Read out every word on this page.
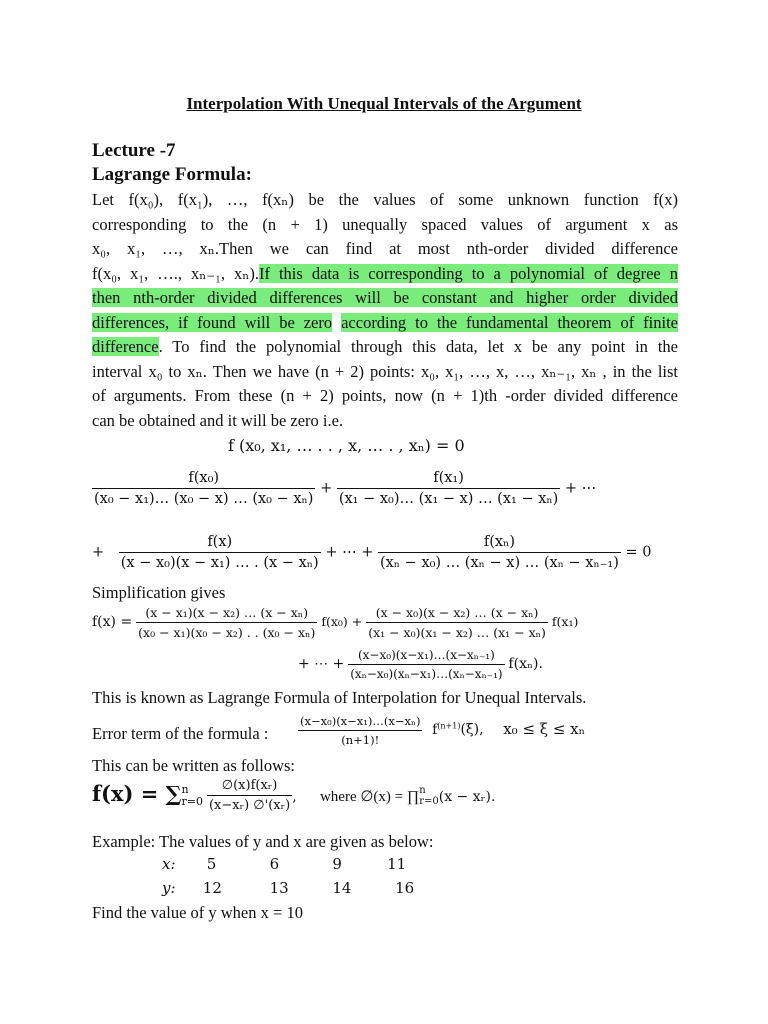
Interpolation With Unequal Intervals of the Argument
Lecture -7
Lagrange Formula:
Let f(x₀), f(x₁), …, f(xₙ) be the values of some unknown function f(x)
corresponding to the (n + 1) unequally spaced values of argument x as
x₀, x₁, …, xₙ.Then we can find at most nth-order divided difference
f(x₀, x₁, …., xₙ₋₁, xₙ).If this data is corresponding to a polynomial of degree n
then nth-order divided differences will be constant and higher order divided
differences, if found will be zero according to the fundamental theorem of finite
difference. To find the polynomial through this data, let x be any point in the
interval x₀ to xₙ. Then we have (n + 2) points: x₀, x₁, …, x, …, xₙ₋₁, xₙ , in the list
of arguments. From these (n + 2) points, now (n + 1)th -order divided difference
can be obtained and it will be zero i.e.
f (x₀, x₁, … . . , x, … . , xₙ) = 0
$\frac{\text{f(x₀)}}{\text{(x₀ − x₁)… (x₀ − x) … (x₀ − xₙ)}} + \frac{\text{f(x₁)}}{\text{(x₁ − x₀)… (x₁ − x) … (x₁ − xₙ)}}$ + ⋯
+ $\frac{f(x)}{\text{(x − x₀)(x − x₁) … . (x − xₙ)}}$ + ⋯ + $\frac{\text{f(xₙ)}}{\text{(xₙ − x₀) … (xₙ − x) … (xₙ − xₙ₋₁)}} = 0$
Simplification gives
$f(x) = \frac{\text{(x − x₁)(x − x₂) … (x − xₙ)}}{\text{(x₀ − x₁)(x₀ − x₂) . . (x₀ − xₙ)}} f(x_0) + \frac{\text{(x − x₀)(x − x₂) … (x − xₙ)}}{\text{(x₁ − x₀)(x₁ − x₂) … (x₁ − xₙ)}} f(x_1)$
+ ⋯ + $\frac{\text{(x−x₀)(x−x₁)…(x−xₙ₋₁)}}{\text{(xₙ−x₀)(xₙ−x₁)…(xₙ−xₙ₋₁)}} f(x_n)$.
This is known as Lagrange Formula of Interpolation for Unequal Intervals.
Error term of the formula :	$\frac{\text{(x−x₀)(x−x₁)…(x−xₙ)}}{(n+1)!} f^{(n+1)}(\xi)$, x₀ ≤ ξ ≤ xₙ
This can be written as follows:
f(x) = ∑ n
$r=0 \frac{\text{∅(x)f(xᵣ)}}{\text{(x−xᵣ) ∅'(xᵣ)}}$ , where ∅(x) = ∏ n
r=0 (x − xᵣ).
Example: The values of y and x are given as below:
x: 5	6	9	11
y: 12	13	14	16
Find the value of y when x = 10
